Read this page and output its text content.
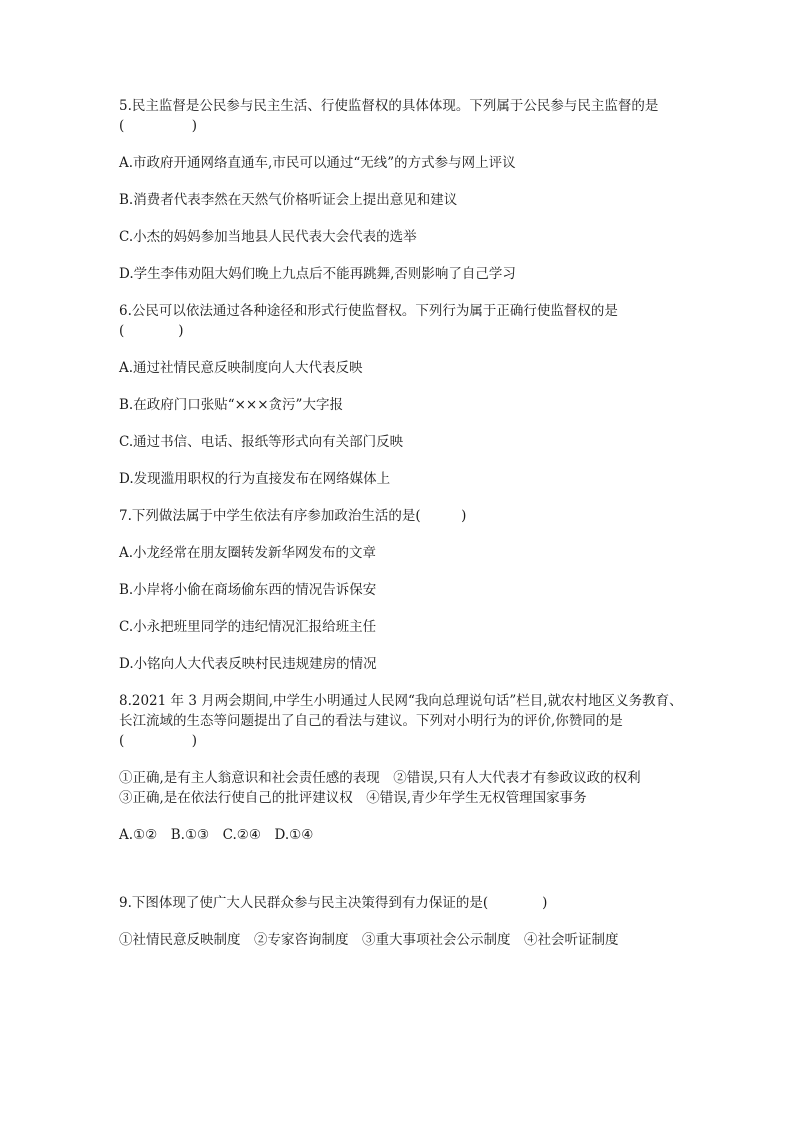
5.民主监督是公民参与民主生活、行使监督权的具体体现。下列属于公民参与民主监督的是
(　　　　　)
A.市政府开通网络直通车,市民可以通过“无线”的方式参与网上评议
B.消费者代表李然在天然气价格听证会上提出意见和建议
C.小杰的妈妈参加当地县人民代表大会代表的选举
D.学生李伟劝阻大妈们晚上九点后不能再跳舞,否则影响了自己学习
6.公民可以依法通过各种途径和形式行使监督权。下列行为属于正确行使监督权的是
(　　　　)
A.通过社情民意反映制度向人大代表反映
B.在政府门口张贴“×××贪污”大字报
C.通过书信、电话、报纸等形式向有关部门反映
D.发现滥用职权的行为直接发布在网络媒体上
7.下列做法属于中学生依法有序参加政治生活的是(　　　)
A.小龙经常在朋友圈转发新华网发布的文章
B.小岸将小偷在商场偷东西的情况告诉保安
C.小永把班里同学的违纪情况汇报给班主任
D.小铭向人大代表反映村民违规建房的情况
8.2021 年 3 月两会期间,中学生小明通过人民网“我向总理说句话”栏目,就农村地区义务教育、
长江流域的生态等问题提出了自己的看法与建议。下列对小明行为的评价,你赞同的是
(　　　　　)
①正确,是有主人翁意识和社会责任感的表现　②错误,只有人大代表才有参政议政的权利
③正确,是在依法行使自己的批评建议权　④错误,青少年学生无权管理国家事务
A.①②　B.①③　C.②④　D.①④
9.下图体现了使广大人民群众参与民主决策得到有力保证的是(　　　　)
①社情民意反映制度　②专家咨询制度　③重大事项社会公示制度　④社会听证制度
